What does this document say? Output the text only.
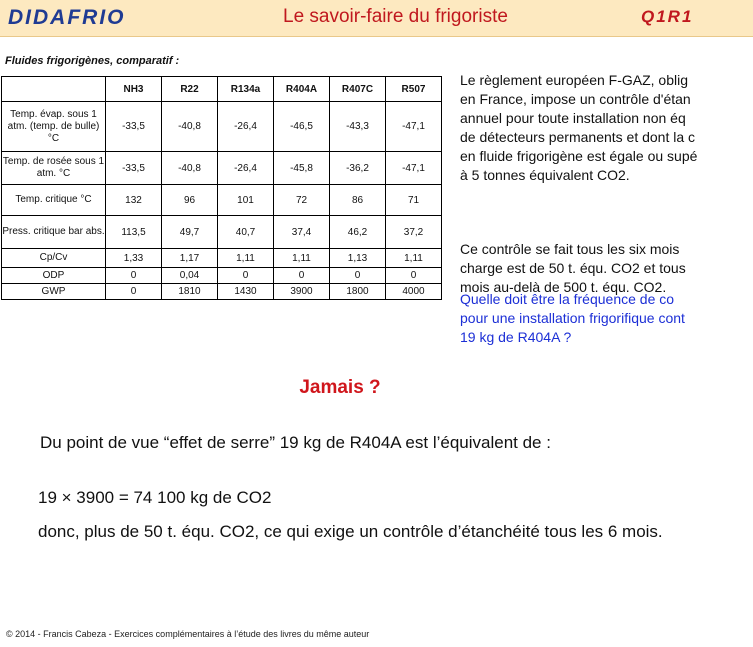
DIDAFRIO	Le savoir-faire du frigoriste	Q1R1
Fluides frigorigènes, comparatif :
	NH3	R22	R134a	R404A	R407C	R507
Temp. évap. sous 1 atm. (temp. de bulle) °C	-33,5	-40,8	-26,4	-46,5	-43,3	-47,1
Temp. de rosée sous 1 atm. °C	-33,5	-40,8	-26,4	-45,8	-36,2	-47,1
Temp. critique °C	132	96	101	72	86	71
Press. critique bar abs.	113,5	49,7	40,7	37,4	46,2	37,2
Cp/Cv	1,33	1,17	1,11	1,11	1,13	1,11
ODP	0	0,04	0	0	0	0
GWP	0	1810	1430	3900	1800	4000
Le règlement européen F-GAZ, oblig
en France, impose un contrôle d'étan
annuel pour toute installation non éq
de détecteurs permanents et dont la c
en fluide frigorigène est égale ou supé
à 5 tonnes équivalent CO2.
Ce contrôle se fait tous les six mois
charge est de 50 t. équ. CO2 et tous
mois au-delà de 500 t. équ. CO2.
Quelle doit être la fréquence de co
pour une installation frigorifique cont
19 kg de R404A ?
Jamais ?
Du point de vue “effet de serre” 19 kg de R404A est l’équivalent de :
19 × 3900 = 74 100 kg de CO2
donc, plus de 50 t. équ. CO2, ce qui exige un contrôle d’étanchéité tous les 6 mois.
© 2014 - Francis Cabeza - Exercices complémentaires à l’étude des livres du même auteur
